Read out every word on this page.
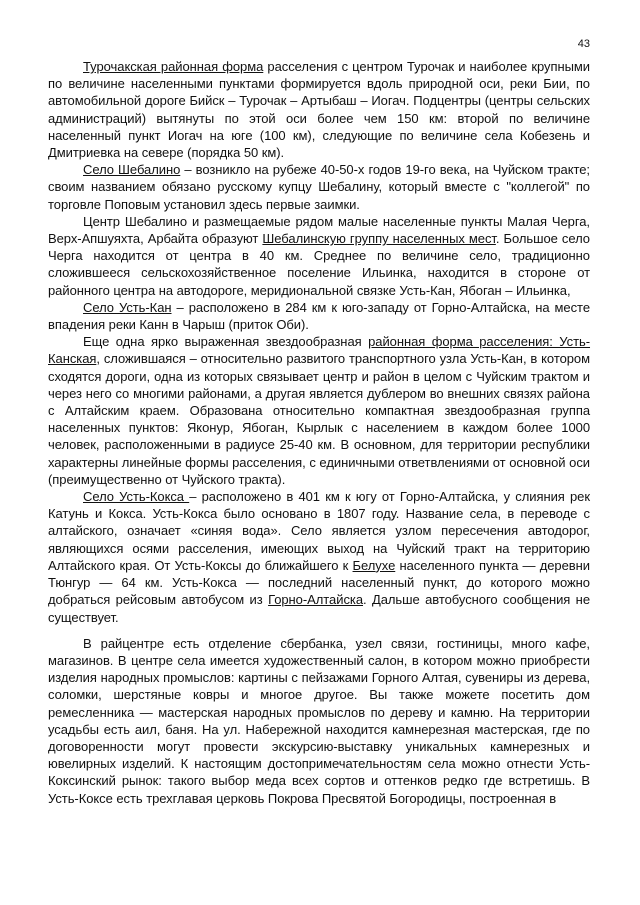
43

Турочакская районная форма расселения с центром Турочак и наиболее крупными по величине населенными пунктами формируется вдоль природной оси, реки Бии, по автомобильной дороге Бийск – Турочак – Артыбаш – Иогач. Подцентры (центры сельских администраций) вытянуты по этой оси более чем 150 км: второй по величине населенный пункт Иогач на юге (100 км), следующие по величине села Кобезень и Дмитриевка на севере (порядка 50 км).

Село Шебалино – возникло на рубеже 40-50-х годов 19-го века, на Чуйском тракте; своим названием обязано русскому купцу Шебалину, который вместе с "коллегой" по торговле Поповым установил здесь первые заимки.

Центр Шебалино и размещаемые рядом малые населенные пункты Малая Черга, Верх-Апшуяхта, Арбайта образуют Шебалинскую группу населенных мест. Большое село Черга находится от центра в 40 км. Среднее по величине село, традиционно сложившееся сельскохозяйственное поселение Ильинка, находится в стороне от районного центра на автодороге, меридиональной связке Усть-Кан, Ябоган – Ильинка,

Село Усть-Кан – расположено в 284 км к юго-западу от Горно-Алтайска, на месте впадения реки Канн в Чарыш (приток Оби).

Еще одна ярко выраженная звездообразная районная форма расселения: Усть-Канская, сложившаяся – относительно развитого транспортного узла Усть-Кан, в котором сходятся дороги, одна из которых связывает центр и район в целом с Чуйским трактом и через него со многими районами, а другая является дублером во внешних связях района с Алтайским краем. Образована относительно компактная звездообразная группа населенных пунктов: Яконур, Ябоган, Кырлык с населением в каждом более 1000 человек, расположенными в радиусе 25-40 км. В основном, для территории республики характерны линейные формы расселения, с единичными ответвлениями от основной оси (преимущественно от Чуйского тракта).

Село Усть-Кокса – расположено в 401 км к югу от Горно-Алтайска, у слияния рек Катунь и Кокса. Усть-Кокса было основано в 1807 году. Название села, в переводе с алтайского, означает «синяя вода». Село является узлом пересечения автодорог, являющихся осями расселения, имеющих выход на Чуйский тракт на территорию Алтайского края. От Усть-Коксы до ближайшего к Белухе населенного пункта — деревни Тюнгур — 64 км. Усть-Кокса — последний населенный пункт, до которого можно добраться рейсовым автобусом из Горно-Алтайска. Дальше автобусного сообщения не существует.

В райцентре есть отделение сбербанка, узел связи, гостиницы, много кафе, магазинов. В центре села имеется художественный салон, в котором можно приобрести изделия народных промыслов: картины с пейзажами Горного Алтая, сувениры из дерева, соломки, шерстяные ковры и многое другое. Вы также можете посетить дом ремесленника — мастерская народных промыслов по дереву и камню. На территории усадьбы есть аил, баня. На ул. Набережной находится камнерезная мастерская, где по договоренности могут провести экскурсию-выставку уникальных камнерезных и ювелирных изделий. К настоящим достопримечательностям села можно отнести Усть-Коксинский рынок: такого выбор меда всех сортов и оттенков редко где встретишь. В Усть-Коксе есть трехглавая церковь Покрова Пресвятой Богородицы, построенная в
